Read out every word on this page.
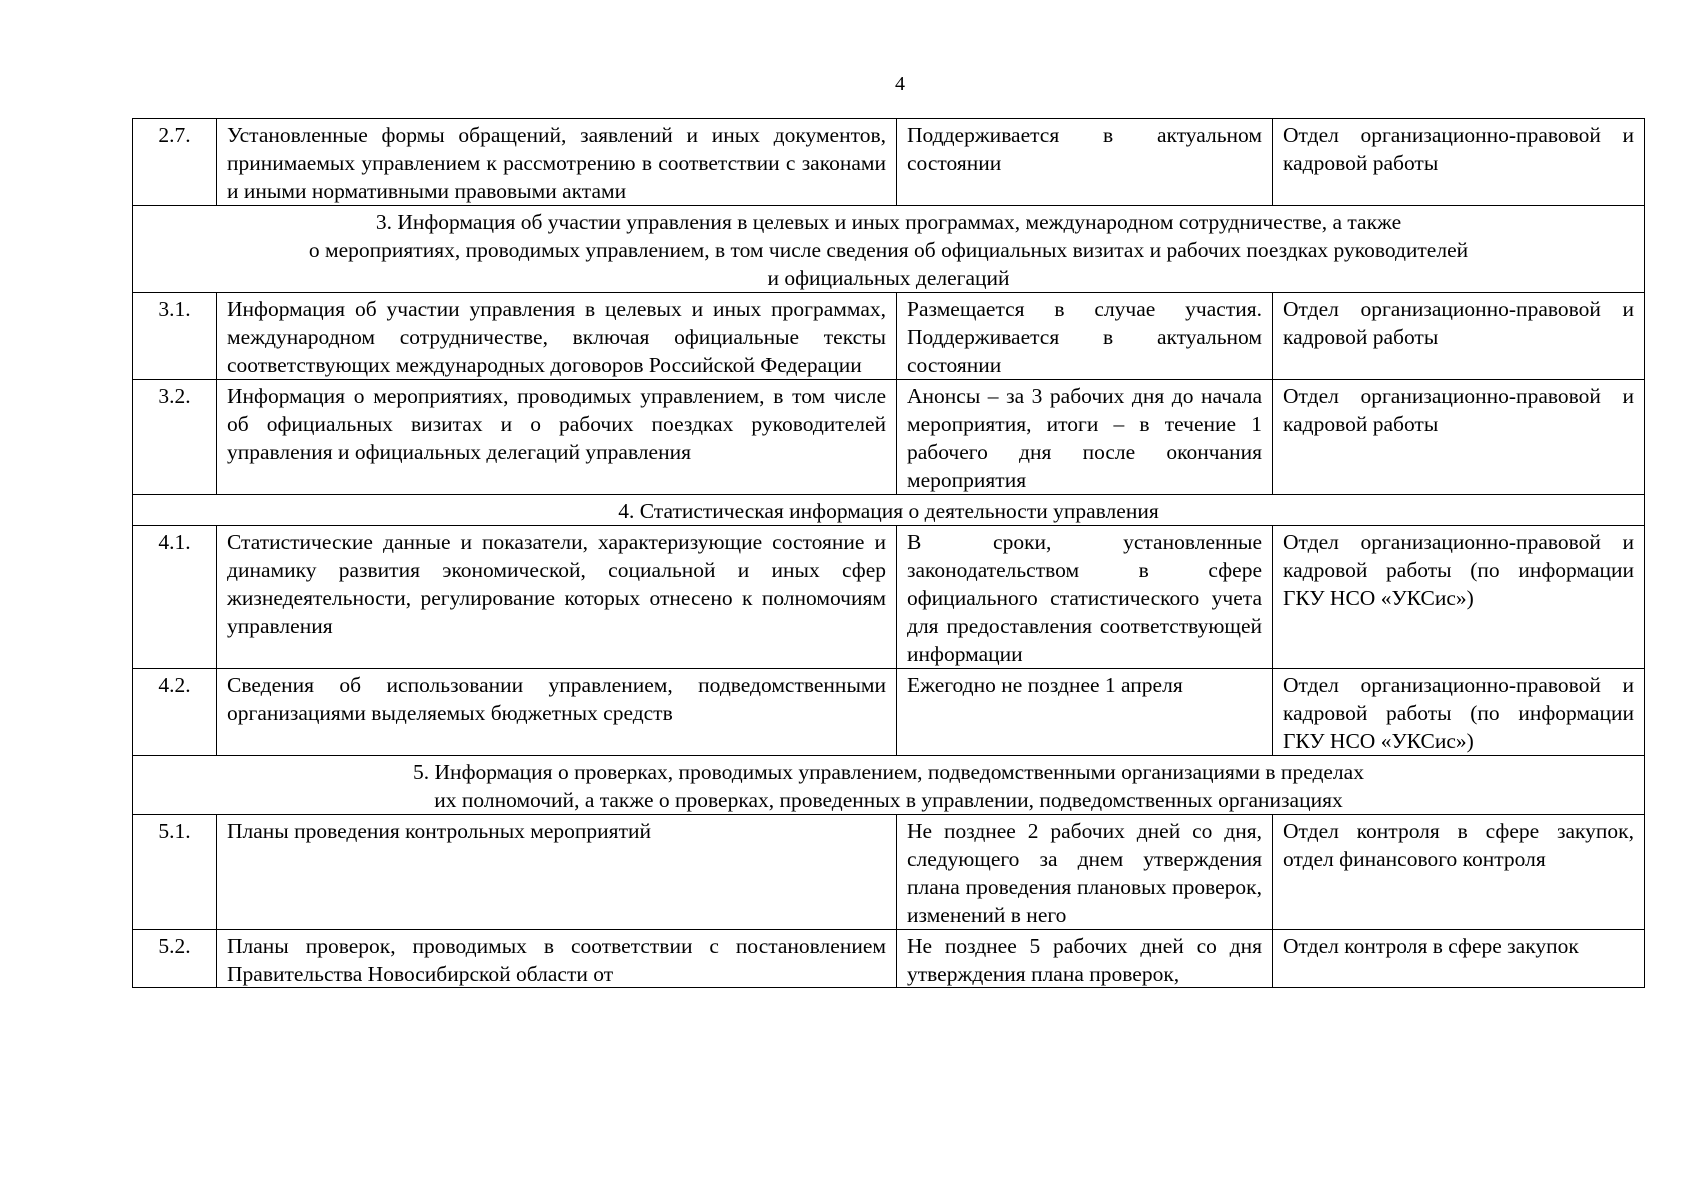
4
2.7.	Установленные формы обращений, заявлений и иных документов, принимаемых управлением к рассмотрению в соответствии с законами и иными нормативными правовыми актами	Поддерживается в актуальном состоянии	Отдел организационно-правовой и кадровой работы

3. Информация об участии управления в целевых и иных программах, международном сотрудничестве, а также
о мероприятиях, проводимых управлением, в том числе сведения об официальных визитах и рабочих поездках руководителей
и официальных делегаций			

3.1.	Информация об участии управления в целевых и иных программах, международном сотрудничестве, включая официальные тексты соответствующих международных договоров Российской Федерации	Размещается в случае участия. Поддерживается в актуальном состоянии	Отдел организационно-правовой и кадровой работы
3.2.	Информация о мероприятиях, проводимых управлением, в том числе об официальных визитах и о рабочих поездках руководителей управления и официальных делегаций управления	Анонсы – за 3 рабочих дня до начала мероприятия, итоги – в течение 1 рабочего дня после окончания мероприятия	Отдел организационно-правовой и кадровой работы

4. Статистическая информация о деятельности управления			

4.1.	Статистические данные и показатели, характеризующие состояние и динамику развития экономической, социальной и иных сфер жизнедеятельности, регулирование которых отнесено к полномочиям управления	В сроки, установленные законодательством в сфере официального статистического учета для предоставления соответствующей информации	Отдел организационно-правовой и кадровой работы (по информации ГКУ НСО «УКСис»)
4.2.	Сведения об использовании управлением, подведомственными организациями выделяемых бюджетных средств	Ежегодно не позднее 1 апреля	Отдел организационно-правовой и кадровой работы (по информации ГКУ НСО «УКСис»)

5. Информация о проверках, проводимых управлением, подведомственными организациями в пределах
их полномочий, а также о проверках, проведенных в управлении, подведомственных организациях			

5.1.	Планы проведения контрольных мероприятий	Не позднее 2 рабочих дней со дня, следующего за днем утверждения плана проведения плановых проверок, изменений в него	Отдел контроля в сфере закупок, отдел финансового контроля

5.2.	Планы проверок, проводимых в соответствии с постановлением Правительства Новосибирской области от	Не позднее 5 рабочих дней со дня утверждения плана проверок,	Отдел контроля в сфере закупок
